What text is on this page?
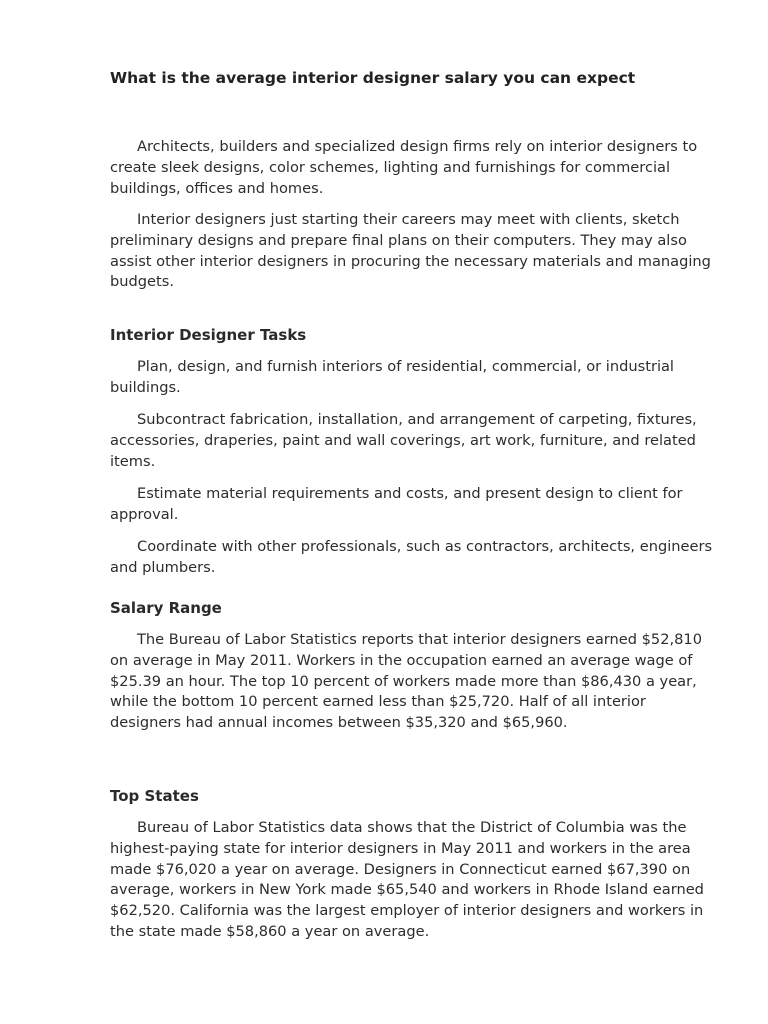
What is the average interior designer salary you can expect

Architects, builders and specialized design firms rely on interior designers to create sleek designs, color schemes, lighting and furnishings for commercial buildings, offices and homes.

Interior designers just starting their careers may meet with clients, sketch preliminary designs and prepare final plans on their computers. They may also assist other interior designers in procuring the necessary materials and managing budgets.

Interior Designer Tasks

Plan, design, and furnish interiors of residential, commercial, or industrial buildings.

Subcontract fabrication, installation, and arrangement of carpeting, fixtures, accessories, draperies, paint and wall coverings, art work, furniture, and related items.

Estimate material requirements and costs, and present design to client for approval.

Coordinate with other professionals, such as contractors, architects, engineers and plumbers.

Salary Range

The Bureau of Labor Statistics reports that interior designers earned $52,810 on average in May 2011. Workers in the occupation earned an average wage of $25.39 an hour. The top 10 percent of workers made more than $86,430 a year, while the bottom 10 percent earned less than $25,720. Half of all interior designers had annual incomes between $35,320 and $65,960.

Top States

Bureau of Labor Statistics data shows that the District of Columbia was the highest-paying state for interior designers in May 2011 and workers in the area made $76,020 a year on average. Designers in Connecticut earned $67,390 on average, workers in New York made $65,540 and workers in Rhode Island earned $62,520. California was the largest employer of interior designers and workers in the state made $58,860 a year on average.
